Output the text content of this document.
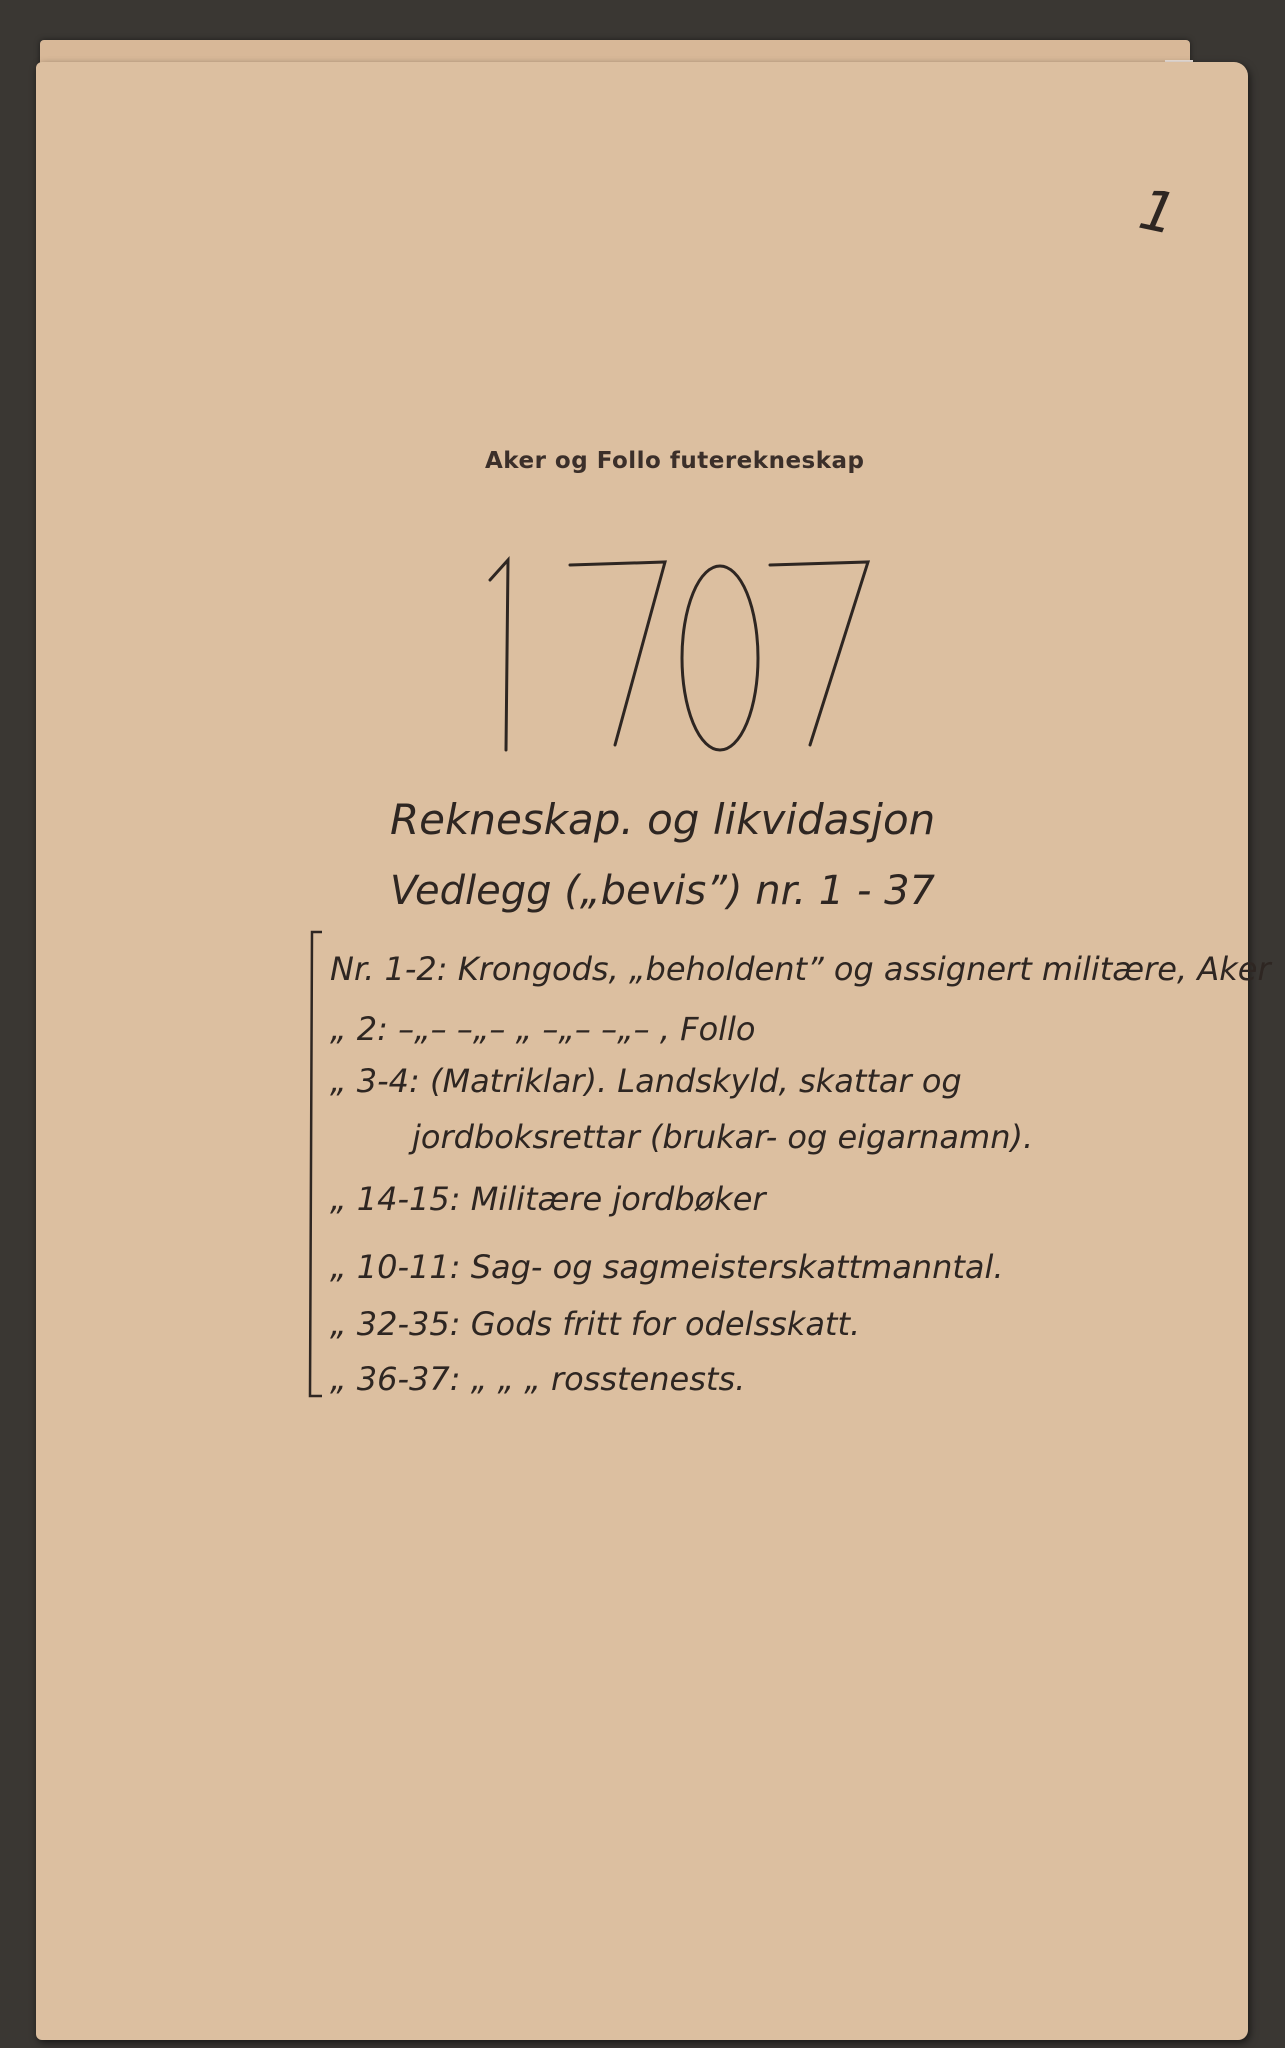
Aker og Follo futerekneskap
1
Rekneskap. og likvidasjon
Vedlegg („bevis”) nr. 1 - 37
Nr. 1-2: Krongods, „beholdent” og assignert militære, Aker
„ 2: –„– –„– „ –„– –„– , Follo
„ 3-4: (Matriklar). Landskyld, skattar og
jordboksrettar (brukar- og eigarnamn).
„ 14-15: Militære jordbøker
„ 10-11: Sag- og sagmeisterskattmanntal.
„ 32-35: Gods fritt for odelsskatt.
„ 36-37: „ „ „ rosstenests.
